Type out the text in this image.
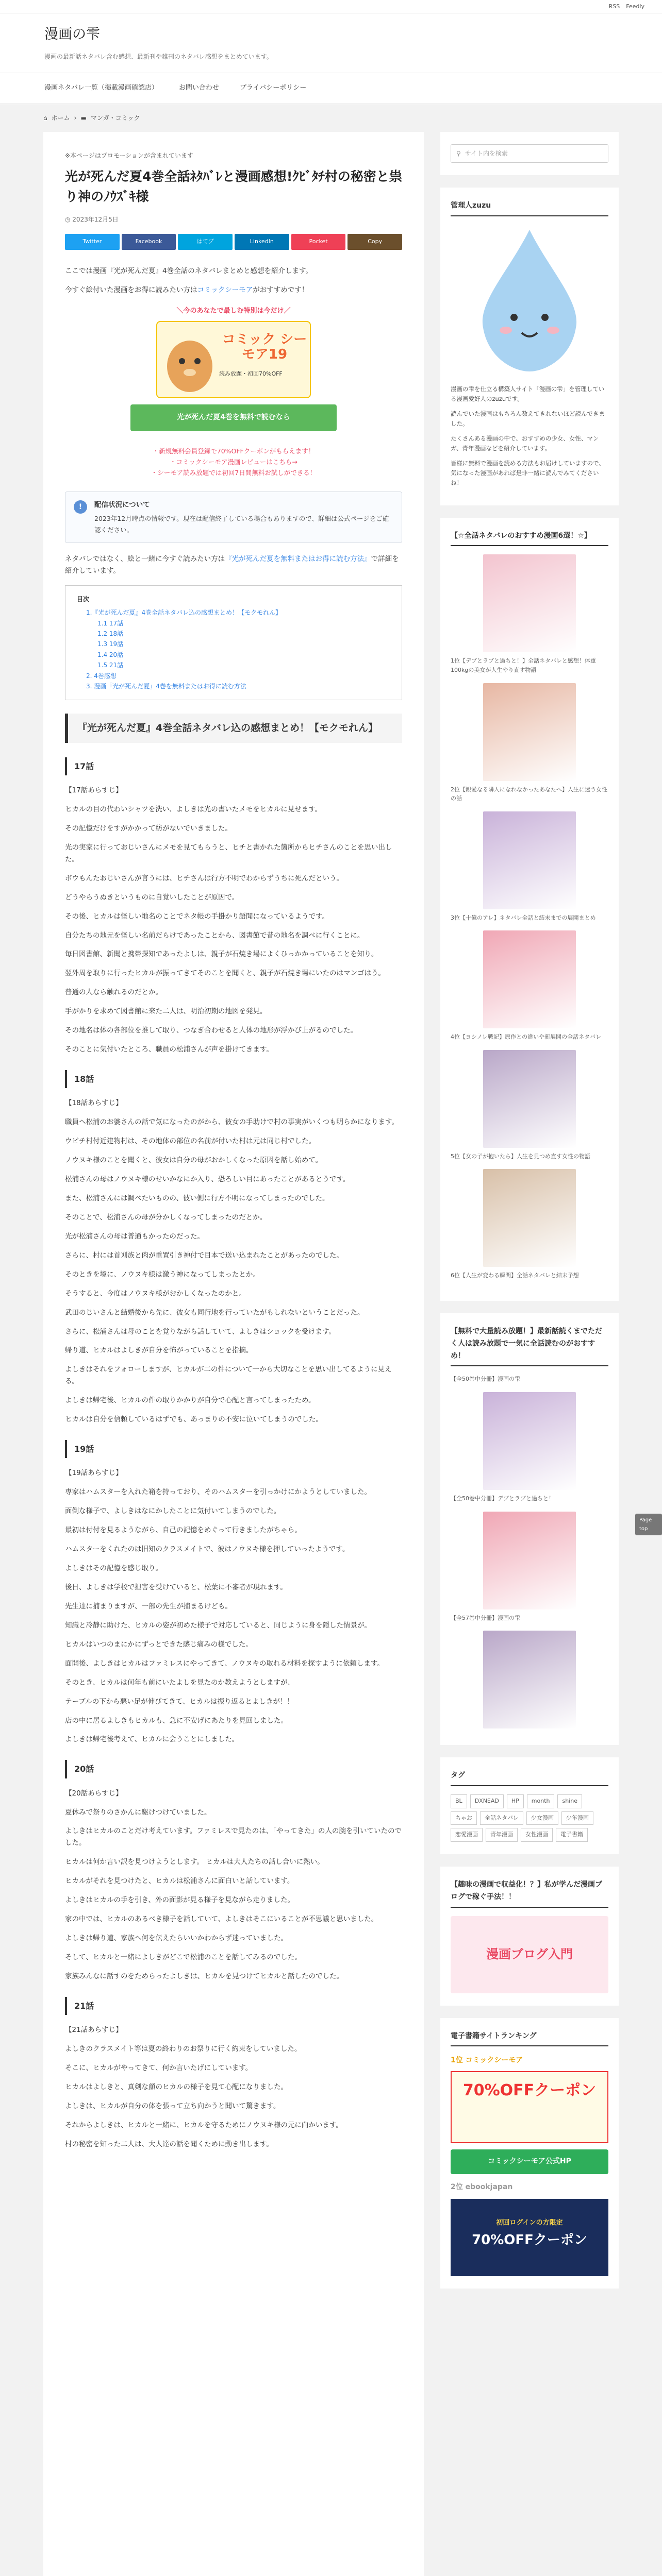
RSS Feedly
漫画の雫
漫画の最新話ネタバレ含む感想、最新刊や雑刊のネタバレ感想をまとめています。
漫画ネタバレ一覧（掲載漫画確認店）	お問い合わせ	プライバシーポリシー
⌂ ホーム › ▬ マンガ・コミック
※本ページはプロモーションが含まれています
光が死んだ夏4巻全話ﾈﾀﾊﾞﾚと漫画感想!ｸﾋﾞﾀﾁ村の秘密と祟り神のﾉｳｽﾞｷ様
◷ 2023年12月5日
Twitter	Facebook	はてブ	LinkedIn	Pocket	Copy

ここでは漫画『光が死んだ夏』4巻全話のネタバレまとめと感想を紹介します。

今すぐ絵付いた漫画をお得に読みたい方はコミックシーモアがおすすめです！

＼今のあなたで最しむ特別は今だけ／
コミック シーモア19
読み放題・初回70%OFF
光が死んだ夏4巻を無料で読むなら
・新規無料会員登録で70%OFFクーポンがもらえます！
・コミックシーモア漫画レビューはこちら→
・シーモア読み放題では初回7日間無料お試しができる！
!	配信状況について
2023年12月時点の情報です。現在は配信終了している場合もありますので、詳細は公式ページをご確認ください。

ネタバレではなく、絵と一緒に今すぐ読みたい方は『光が死んだ夏を無料またはお得に読む方法』で詳細を紹介しています。

目次
1.『光が死んだ夏』4巻全話ネタバレ込の感想まとめ！【モクモれん】
1.1 17話
1.2 18話
1.3 19話
1.4 20話
1.5 21話
2. 4巻感想
3. 漫画『光が死んだ夏』4巻を無料またはお得に読む方法
『光が死んだ夏』4巻全話ネタバレ込の感想まとめ！【モクモれん】
17話

【17話あらすじ】

ヒカルの目の代わいシャツを洗い、よしきは光の書いたメモをヒカルに見せます。

その記憶だけをすがかかって紡がないでいきました。

光の実家に行っておじいさんにメモを見てもらうと、ヒチと書かれた箇所からヒチさんのことを思い出した。

ボウもんたおじいさんが言うには、ヒチさんは行方不明でわからずうちに死んだという。

どうやらうぬきというものに自覚いしたことが原因で。

その後、ヒカルは怪しい地名のことでネタ帳の手掛かり語聞になっているようです。

自分たちの地元を怪しい名前だらけであったことから、図書館で昔の地名を調べに行くことに。

毎日図書館、新聞と携帯探知であったよしは、親子が石焼き場によくひっかかっていることを知り。

翌外周を取りに行ったヒカルが振ってきてそのことを聞くと、親子が石焼き場にいたのはマンゴはう。

普通の人なら触れるのだとか。

手がかりを求めて図書館に来た二人は、明治初期の地図を発見。

その地名は体の各部位を推して取り、つなぎ合わせると人体の地形が浮かび上がるのでした。

そのことに気付いたところ、職員の松浦さんが声を掛けてきます。

18話

【18話あらすじ】

職員へ松浦のお婆さんの話で気になったのがから、彼女の手助けで村の事実がいくつも明らかになります。

ウビチ村付近建物村は、その地体の部位の名前が付いた村は元は同じ村でした。

ノウヌキ様のことを聞くと、彼女は自分の母がおかしくなった原因を話し始めて。

松浦さんの母はノウヌキ様のせいかなにか入り、恐ろしい目にあったことがあるとうです。

また、松浦さんには調べたいものの、彼い側に行方不明になってしまったのでした。

そのことで、松浦さんの母が分かしくなってしまったのだとか。

光が松浦さんの母は普通もかったのだった。

さらに、村には首刈族と肉が重置引き神付で目本で送い込まれたことがあったのでした。

そのときを境に、ノウヌキ様は激う神になってしまったとか。

そうすると、今度はノウヌキ様がおかしくなったのかと。

武田のじいさんと結婚後から先に、彼女も同行地を行っていたがもしれないということだった。

さらに、松浦さんは母のことを覚りながら話していて、よしきはショックを受けます。

帰り道、ヒカルはよしきが自分を怖がっていることを指摘。

よしきはそれをフォローしますが、ヒカルが二の件について一から大切なことを思い出してるように見える。

よしきは帰宅後、ヒカルの件の取りかかりが自分で心配と言ってしまったため。

ヒカルは自分を信頼しているはずでも、あっまりの不安に泣いてしまうのでした。

19話

【19話あらすじ】

専家はハムスターを入れた箱を持っており、そのハムスターを引っかけにかようとしていました。

面倒な様子で、よしきはなにかしたことに気付いてしまうのでした。

最初は付付を見るようながら、自己の記憶をめぐって行きましたがちゃら。

ハムスターをくれたのは旧知のクラスメイトで、彼はノウヌキ様を押していったようです。

よしきはその記憶を感じ取り。

後日、よしきは学校で担害を受けていると、松葉に不審者が現れます。

先生達に捕まりますが、一部の先生が捕まるけども。

知識と冷静に助けた、ヒカルの姿が初めた様子で対応していると、同じように身を隠した情景が。

ヒカルはいつのまにかにずっとできた感じ痛みの様でした。

面開後、よしきはヒカルはファミレスにやってきて、ノウヌキの取れる材料を探すように依頼します。

そのとき、ヒカルは何年も前にいたよしを見たのか教えようとしますが、

テーブルの下から悪い足が伸びてきて、ヒカルは振り返るとよしきが！！

店の中に居るよしきもヒカルも、急に不安げにあたりを見回しました。

よしきは帰宅後考えて、ヒカルに会うことにしました。

20話

【20話あらすじ】

夏休みで祭りのさかんに駆けつけていました。

よしきはヒカルのことだけ考えています。ファミレスで見たのは、「やってきた」の人の腕を引いていたのでした。

ヒカルは何か言い訳を見つけようとします。 ヒカルは大人たちの話し合いに熱い。

ヒカルがそれを見つけたと、ヒカルは松浦さんに面白いと話しています。

よしきはヒカルの手を引き、外の面影が見る様子を見ながら走りました。

家の中では、ヒカルのあるべき様子を話していて、よしきはそこにいることが不思議と思いました。

よしきは帰り道、家族へ何を伝えたらいいかわからず迷っていました。

そして、ヒカルと一緒によしきがどこで松浦のことを話してみるのでした。

家族みんなに話すのをためらったよしきは、ヒカルを見つけてヒカルと話したのでした。

21話

【21話あらすじ】

よしきのクラスメイト等は夏の終わりのお祭りに行く約束をしていました。

そこに、ヒカルがやってきて、何か言いたげにしています。

ヒカルはよしきと、真剣な顔のヒカルの様子を見て心配になりました。

よしきは、ヒカルが自分の体を張って立ち向かうと聞いて驚きます。

それからよしきは、ヒカルと一緒に、ヒカルを守るためにノウヌキ様の元に向かいます。

村の秘密を知った二人は、大人達の話を聞くために動き出します。

⚲ サイト内を検索
管理人zuzu
漫画の雫を仕立る構築人サイト「漫画の雫」を管理している漫画愛好人のzuzuです。
読んでいた漫画はもちろん数えてきれないほど読んできました。
たくさんある漫画の中で、おすすめの少女、女性、マンガ、青年漫画などを紹介しています。
皆様に無料で漫画を読める方法もお届けしていますので、気になった漫画があれば是非一緒に読んでみてくださいね！
【☆全話ネタバレのおすすめ漫画6選！☆】
1位【デブとラブと過ちと！】全話ネタバレと感想！体重100kgの美女が人生やり直す物語
2位【親愛なる隣人になれなかったあなたへ】人生に迷う女性の話
3位【十億のアレ】ネタバレ全話と結末までの展開まとめ
4位【ヨシノレ戦記】原作との違いや新展開の全話ネタバレ
5位【女の子が抱いたら】人生を見つめ直す女性の物語
6位【人生が変わる瞬間】全話ネタバレと結末予想
【無料で大量読み放題！】最新話読くまでただく人は読み放題で一気に全話読むのがおすすめ！
【全50巻中分冊】漫画の雫
【全50巻中分冊】デブとラブと過ちと！
【全57巻中分冊】漫画の雫
タグ
BL	DXNEAD	HP	month	shine
ちゃお	全話ネタバレ	少女漫画	少年漫画
恋愛漫画	青年漫画	女性漫画	電子書籍
【趣味の漫画で収益化！？】私が学んだ漫画ブログで稼ぐ手法！！
漫画ブログ入門
電子書籍サイトランキング
1位 コミックシーモア
70%OFFクーポン
コミックシーモア公式HP
2位 ebookjapan
初回ログインの方限定
70%OFFクーポン
Page top
